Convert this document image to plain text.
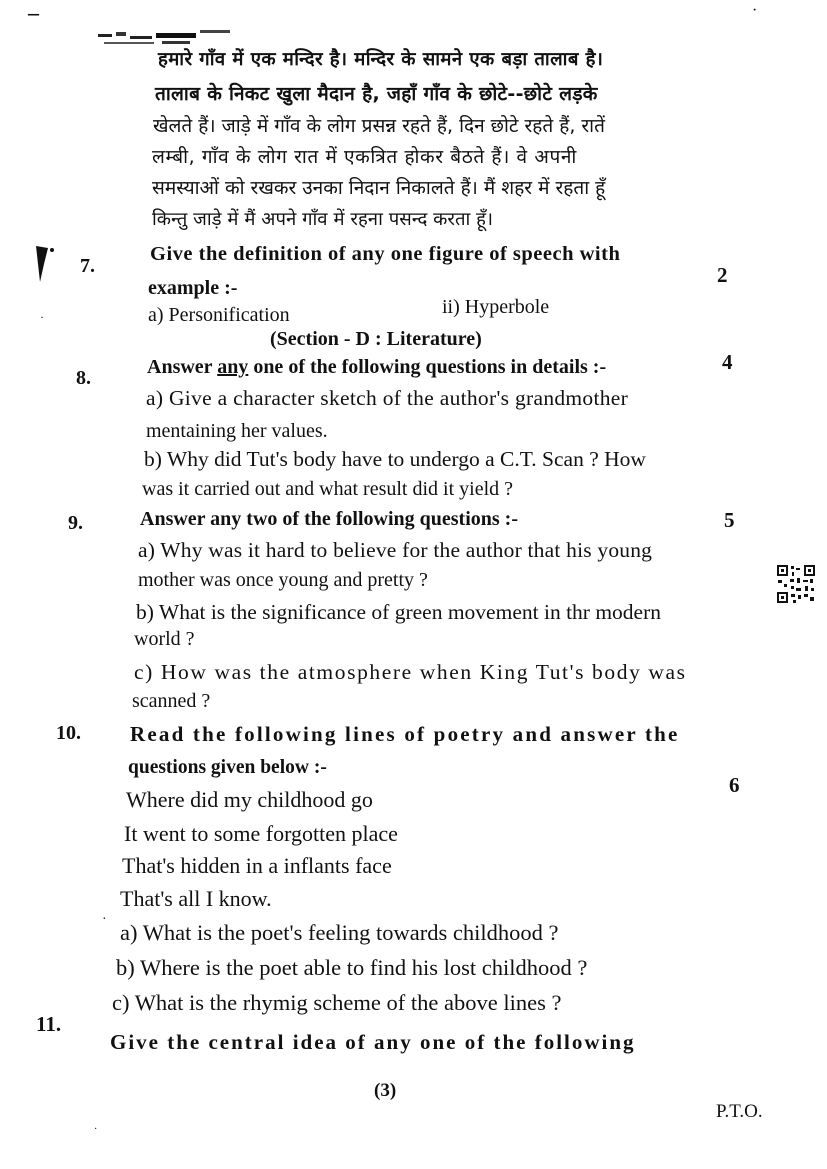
–	·
हमारे गाँव में एक मन्दिर है। मन्दिर के सामने एक बड़ा तालाब है।
तालाब के निकट खुला मैदान है, जहाँ गाँव के छोटे--छोटे लड़के
खेलते हैं। जाड़े में गाँव के लोग प्रसन्न रहते हैं, दिन छोटे रहते हैं, रातें
लम्बी, गाँव के लोग रात में एकत्रित होकर बैठते हैं। वे अपनी
समस्याओं को रखकर उनका निदान निकालते हैं। मैं शहर में रहता हूँ
किन्तु जाड़े में मैं अपने गाँव में रहना पसन्द करता हूँ।
·
7.
Give the definition of any one figure of speech with
2
example :-
a) Personification	ii) Hyperbole
(Section - D : Literature)
8.	Answer any one of the following questions in details :-	4
a) Give a character sketch of the author's grandmother
mentaining her values.
b) Why did Tut's body have to undergo a C.T. Scan ? How
was it carried out and what result did it yield ?
9.	Answer any two of the following questions :-	5
a) Why was it hard to believe for the author that his young
mother was once young and pretty ?
b) What is the significance of green movement in thr modern
world ?
c) How was the atmosphere when King Tut's body was
scanned ?
10. Read the following lines of poetry and answer the
questions given below :-
6
Where did my childhood go
It went to some forgotten place
That's hidden in a inflants face
That's all I know.
·
a) What is the poet's feeling towards childhood ?
b) Where is the poet able to find his lost childhood ?
c) What is the rhymig scheme of the above lines ?
11.
Give the central idea of any one of the following
(3)
P.T.O.
·
